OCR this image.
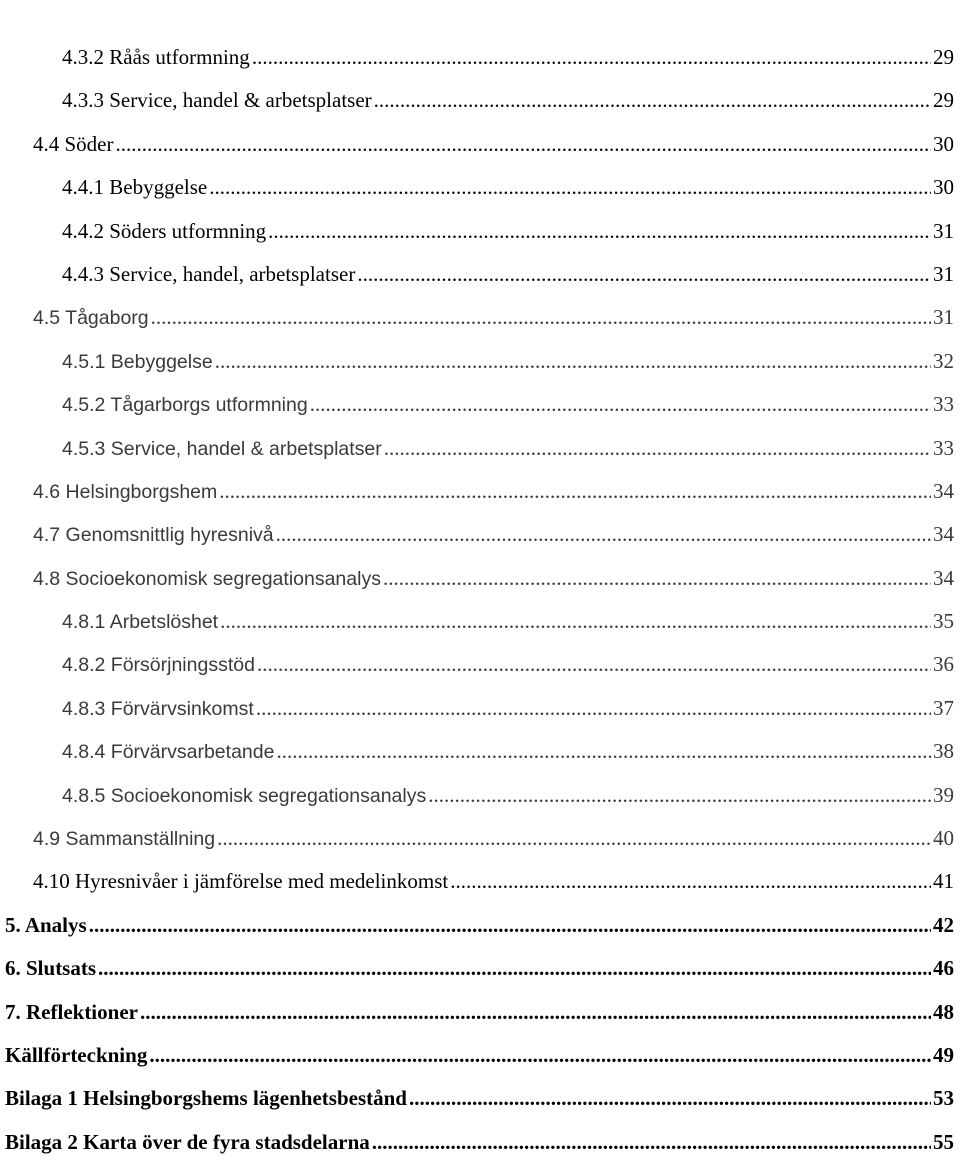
4.3.2 Råås utformning .....	29
4.3.3 Service, handel & arbetsplatser .....	29
4.4 Söder .....	30
4.4.1 Bebyggelse .....	30
4.4.2 Söders utformning .....	31
4.4.3 Service, handel, arbetsplatser .....	31
4.5 Tågaborg .....	31
4.5.1 Bebyggelse .....	32
4.5.2 Tågarborgs utformning .....	33
4.5.3 Service, handel & arbetsplatser .....	33
4.6 Helsingborgshem .....	34
4.7 Genomsnittlig hyresnivå .....	34
4.8 Socioekonomisk segregationsanalys .....	34
4.8.1 Arbetslöshet .....	35
4.8.2 Försörjningsstöd .....	36
4.8.3 Förvärvsinkomst .....	37
4.8.4 Förvärvsarbetande .....	38
4.8.5 Socioekonomisk segregationsanalys .....	39
4.9 Sammanställning .....	40
4.10 Hyresnivåer i jämförelse med medelinkomst .....	41
5. Analys .....	42
6. Slutsats .....	46
7. Reflektioner .....	48
Källförteckning .....	49
Bilaga 1 Helsingborgshems lägenhetsbestånd .....	53
Bilaga 2 Karta över de fyra stadsdelarna .....	55
